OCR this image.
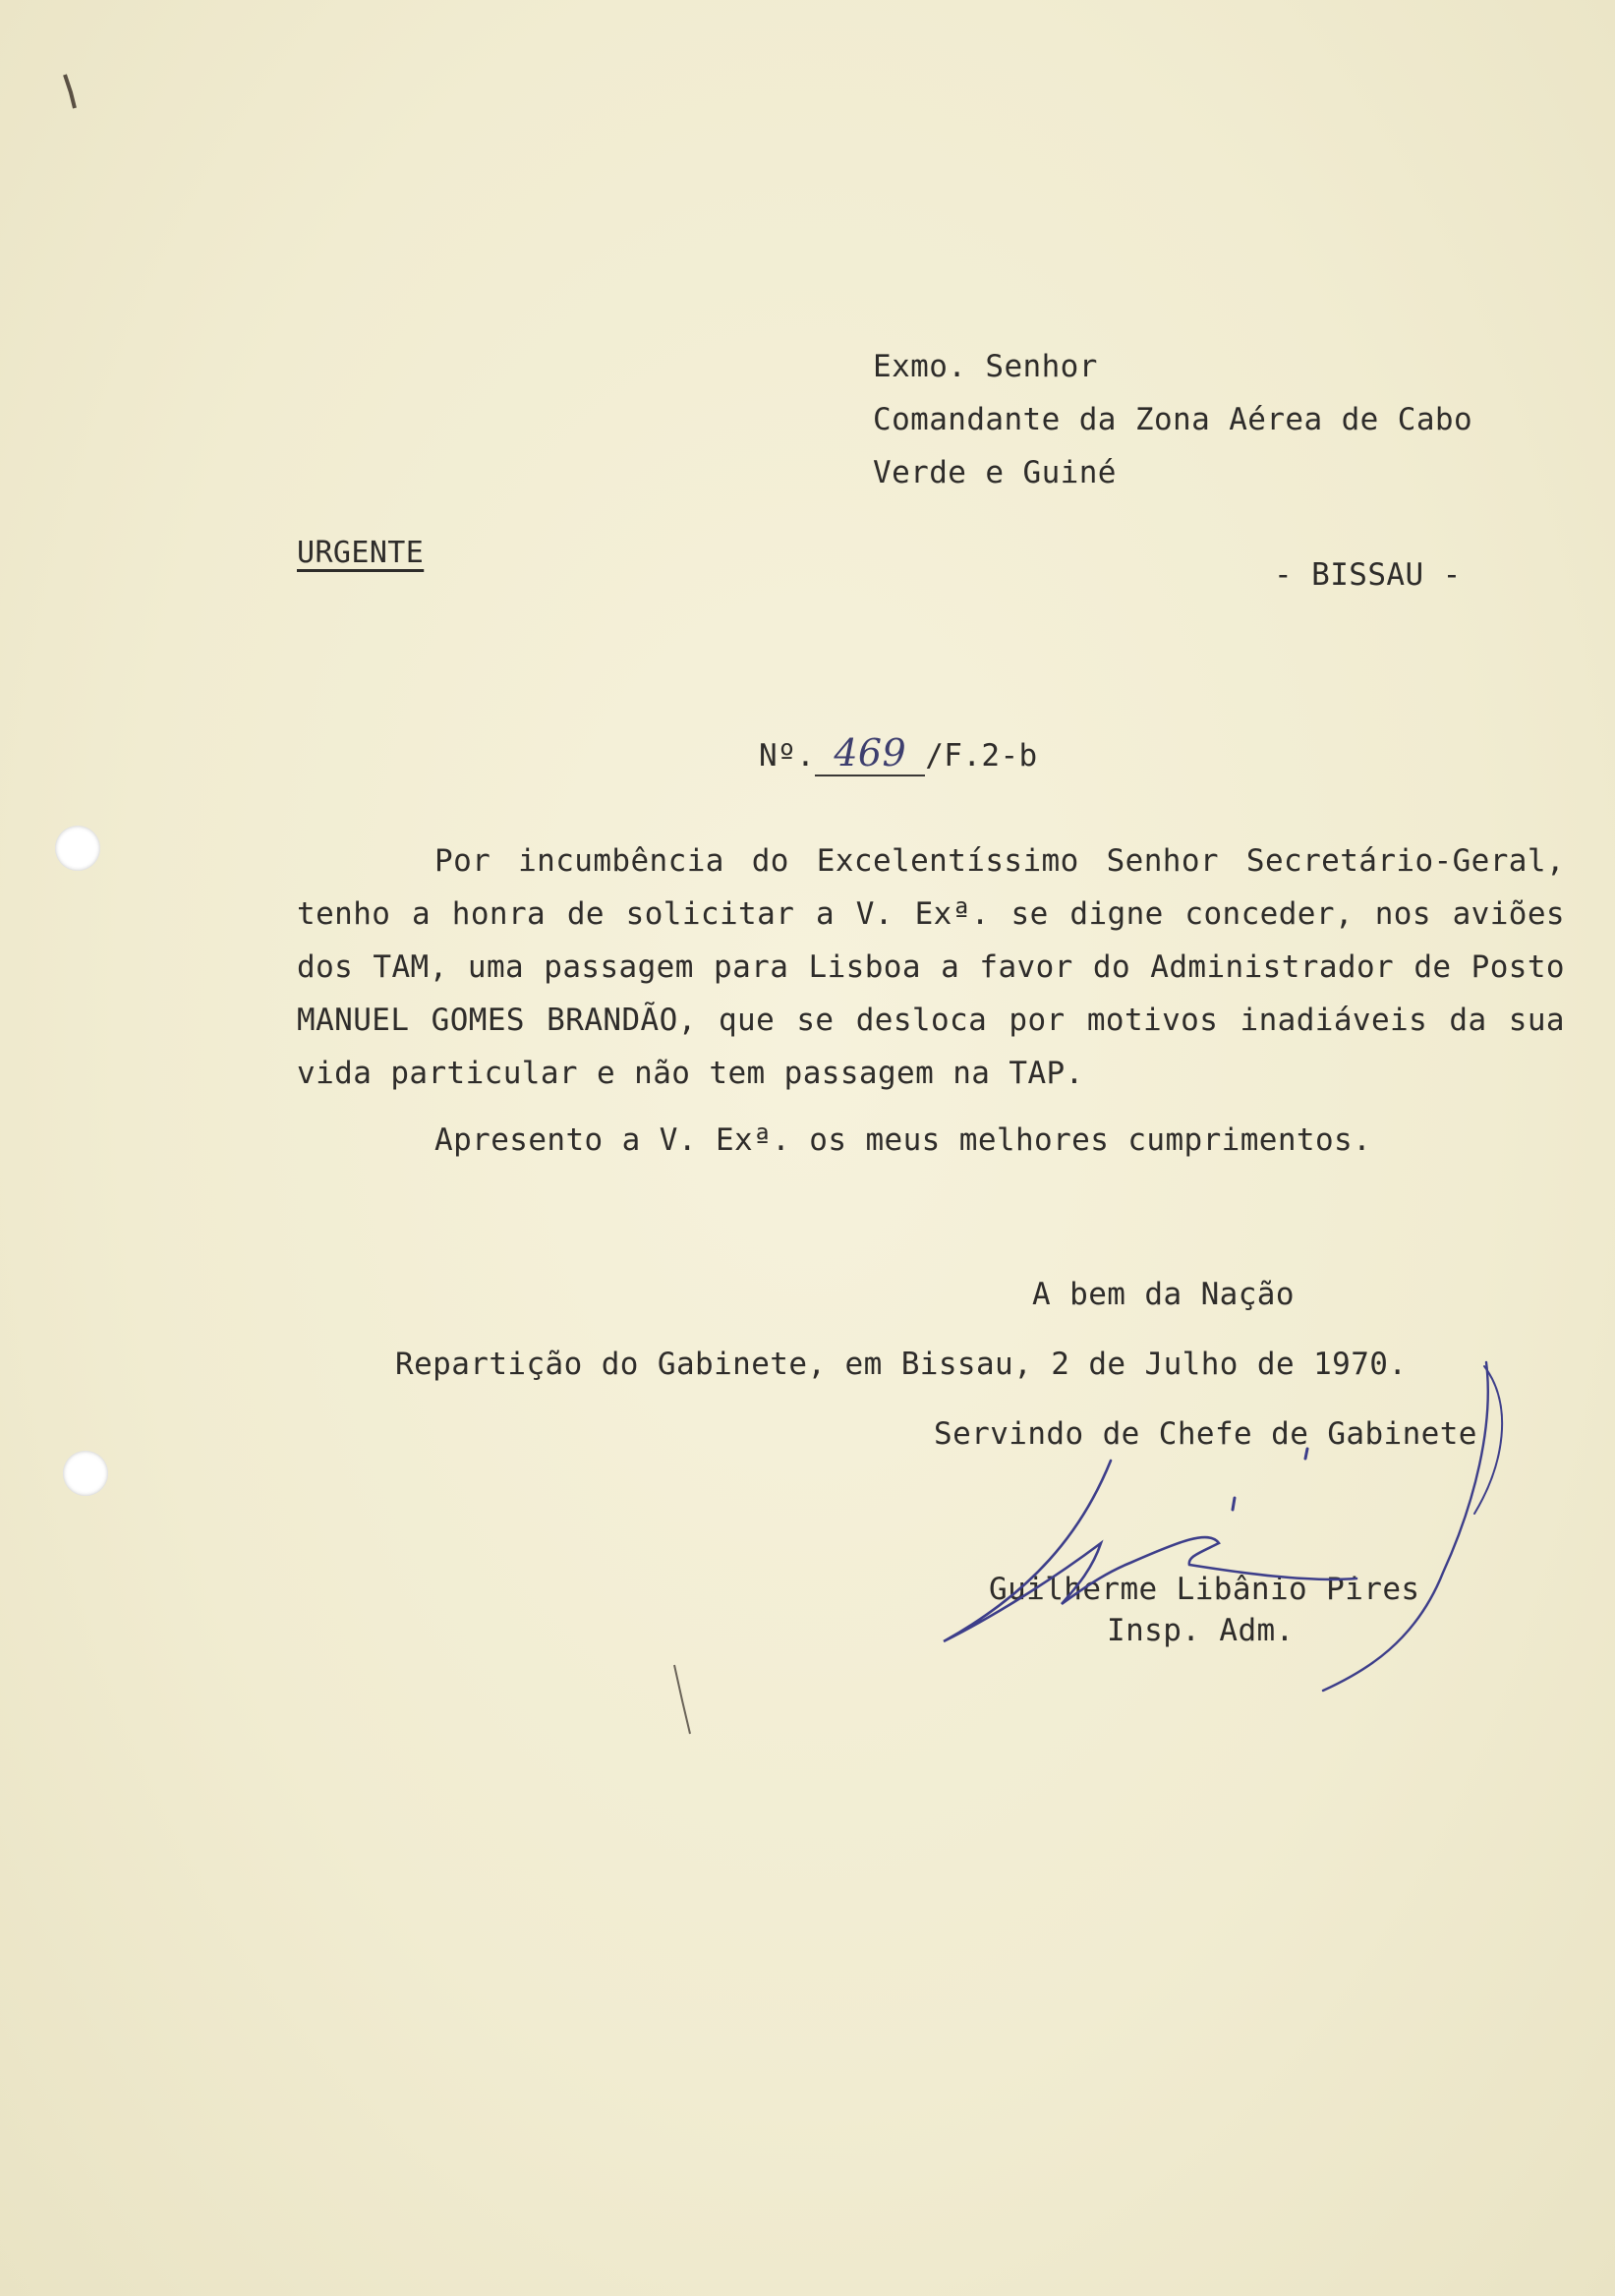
Exmo. Senhor
Comandante da Zona Aérea de Cabo
Verde e Guiné
URGENTE
- BISSAU -
Nº. 469 /F.2-b
Por incumbência do Excelentíssimo Senhor Secretário-Geral, tenho a honra de solicitar a V. Exª. se digne conceder, nos aviões dos TAM, uma passagem para Lisboa a favor do Administrador de Posto MANUEL GOMES BRANDÃO, que se desloca por motivos inadiáveis da sua vida particular e não tem passagem na TAP.
Apresento a V. Exª. os meus melhores cumprimentos.
A bem da Nação
Repartição do Gabinete, em Bissau, 2 de Julho de 1970.
Servindo de Chefe de Gabinete
Guilherme Libânio Pires
Insp. Adm.
